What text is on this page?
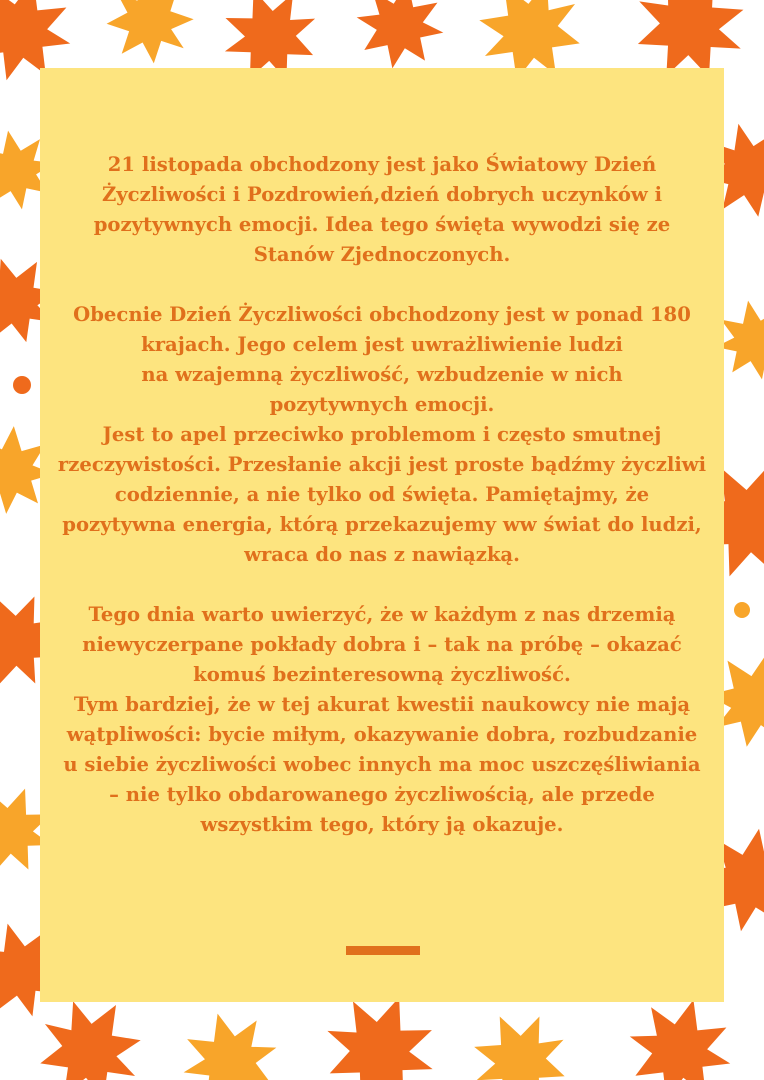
21 listopada obchodzony jest jako Światowy Dzień
Życzliwości i Pozdrowień,dzień dobrych uczynków i
pozytywnych emocji. Idea tego święta wywodzi się ze
Stanów Zjednoczonych.
Obecnie Dzień Życzliwości obchodzony jest w ponad 180
krajach. Jego celem jest uwrażliwienie ludzi
na wzajemną życzliwość, wzbudzenie w nich
pozytywnych emocji.
Jest to apel przeciwko problemom i często smutnej
rzeczywistości. Przesłanie akcji jest proste bądźmy życzliwi
codziennie, a nie tylko od święta. Pamiętajmy, że
pozytywna energia, którą przekazujemy ww świat do ludzi,
wraca do nas z nawiązką.
Tego dnia warto uwierzyć, że w każdym z nas drzemią
niewyczerpane pokłady dobra i – tak na próbę – okazać
komuś bezinteresowną życzliwość.
Tym bardziej, że w tej akurat kwestii naukowcy nie mają
wątpliwości: bycie miłym, okazywanie dobra, rozbudzanie
u siebie życzliwości wobec innych ma moc uszczęśliwiania
– nie tylko obdarowanego życzliwością, ale przede
wszystkim tego, który ją okazuje.
